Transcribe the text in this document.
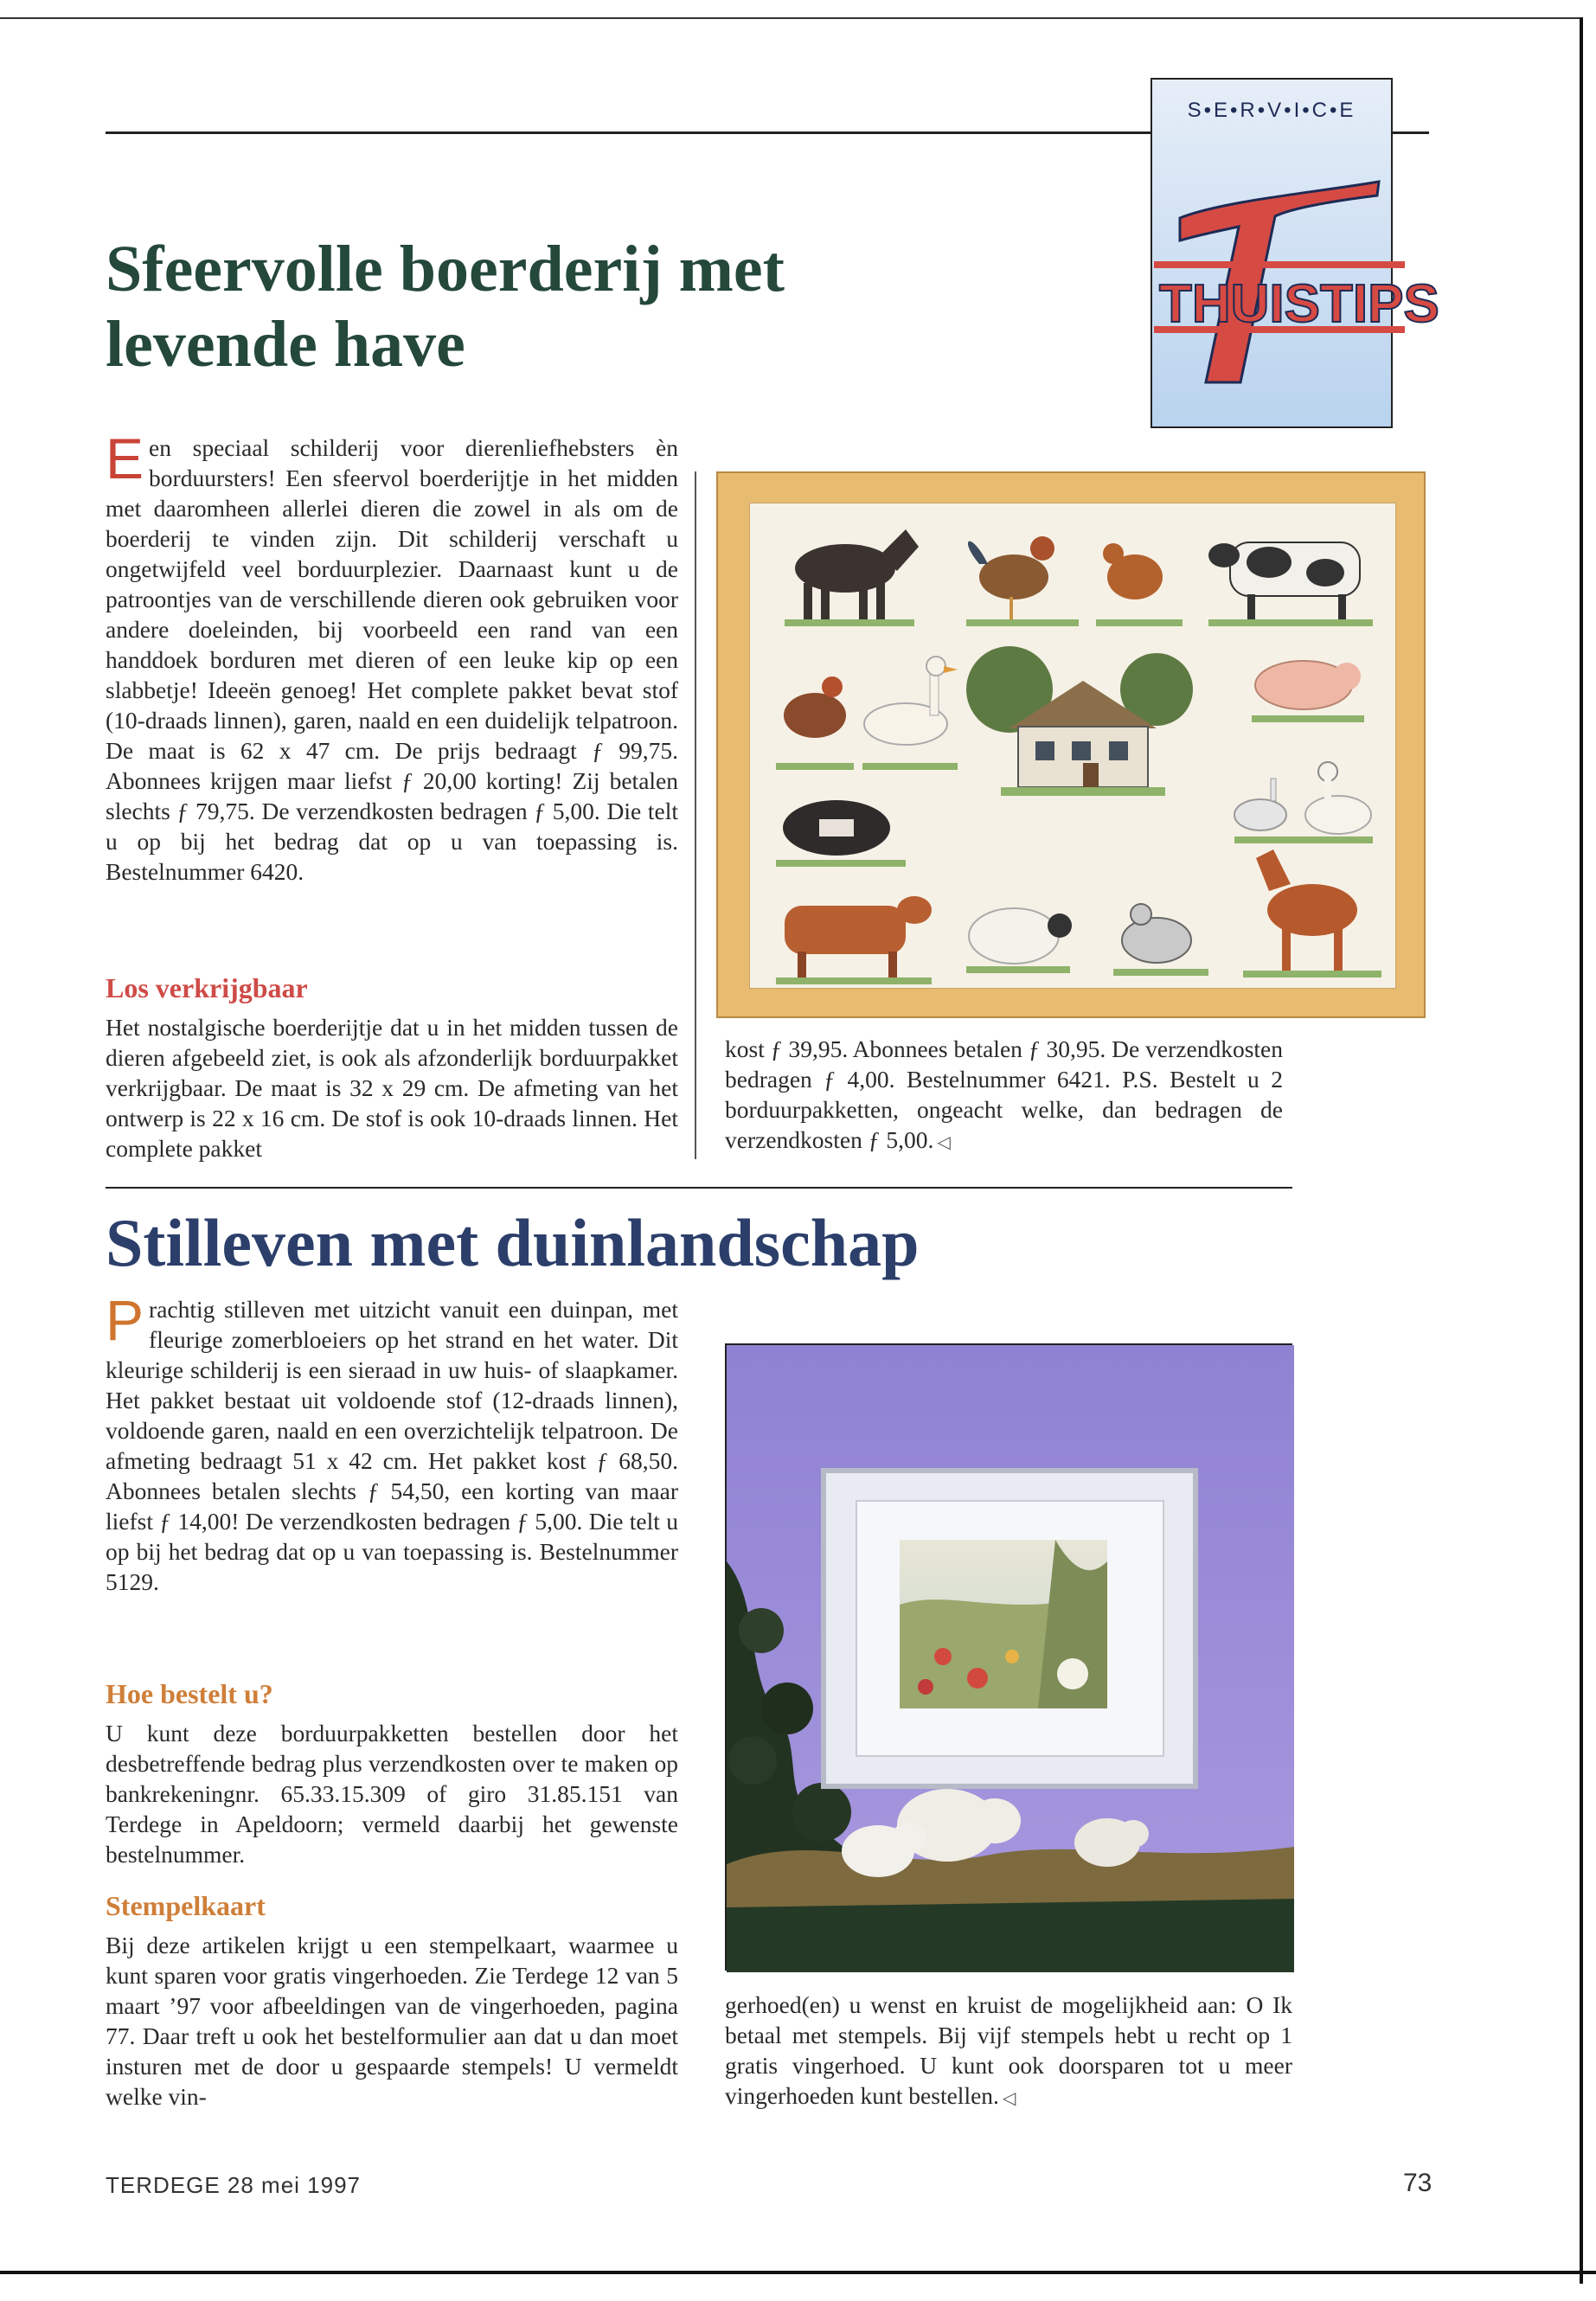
S•E•R•V•I•C•E
THUISTIPS
Sfeervolle boerderij met
levende have
Een speciaal schilderij voor dierenliefhebsters èn borduursters! Een sfeervol boerderijtje in het midden met daaromheen allerlei dieren die zowel in als om de boerderij te vinden zijn. Dit schilderij verschaft u ongetwijfeld veel borduurplezier. Daarnaast kunt u de patroontjes van de verschillende dieren ook gebruiken voor andere doeleinden, bij voorbeeld een rand van een handdoek borduren met dieren of een leuke kip op een slabbetje! Ideeën genoeg! Het complete pakket bevat stof (10-draads linnen), garen, naald en een duidelijk telpatroon. De maat is 62 x 47 cm. De prijs bedraagt ƒ 99,75. Abonnees krijgen maar liefst ƒ 20,00 korting! Zij betalen slechts ƒ 79,75. De verzendkosten bedragen ƒ 5,00. Die telt u op bij het bedrag dat op u van toepassing is. Bestelnummer 6420.
Los verkrijgbaar
Het nostalgische boerderijtje dat u in het midden tussen de dieren afgebeeld ziet, is ook als afzonderlijk borduurpakket verkrijgbaar. De maat is 32 x 29 cm. De afmeting van het ontwerp is 22 x 16 cm. De stof is ook 10-draads linnen. Het complete pakket
kost ƒ 39,95. Abonnees betalen ƒ 30,95. De verzendkosten bedragen ƒ 4,00. Bestelnummer 6421. P.S. Bestelt u 2 borduurpakketten, ongeacht welke, dan bedragen de verzendkosten ƒ 5,00. ◁
Stilleven met duinlandschap
Prachtig stilleven met uitzicht vanuit een duinpan, met fleurige zomerbloeiers op het strand en het water. Dit kleurige schilderij is een sieraad in uw huis- of slaapkamer. Het pakket bestaat uit voldoende stof (12-draads linnen), voldoende garen, naald en een overzichtelijk telpatroon. De afmeting bedraagt 51 x 42 cm. Het pakket kost ƒ 68,50. Abonnees betalen slechts ƒ 54,50, een korting van maar liefst ƒ 14,00! De verzendkosten bedragen ƒ 5,00. Die telt u op bij het bedrag dat op u van toepassing is. Bestelnummer 5129.
Hoe bestelt u?
U kunt deze borduurpakketten bestellen door het desbetreffende bedrag plus verzendkosten over te maken op bankrekeningnr. 65.33.15.309 of giro 31.85.151 van Terdege in Apeldoorn; vermeld daarbij het gewenste bestelnummer.
Stempelkaart
Bij deze artikelen krijgt u een stempelkaart, waarmee u kunt sparen voor gratis vingerhoeden. Zie Terdege 12 van 5 maart ’97 voor afbeeldingen van de vingerhoeden, pagina 77. Daar treft u ook het bestelformulier aan dat u dan moet insturen met de door u gespaarde stempels! U vermeldt welke vin-
gerhoed(en) u wenst en kruist de mogelijkheid aan: O Ik betaal met stempels. Bij vijf stempels hebt u recht op 1 gratis vingerhoed. U kunt ook doorsparen tot u meer vingerhoeden kunt bestellen. ◁
TERDEGE 28 mei 1997	73
